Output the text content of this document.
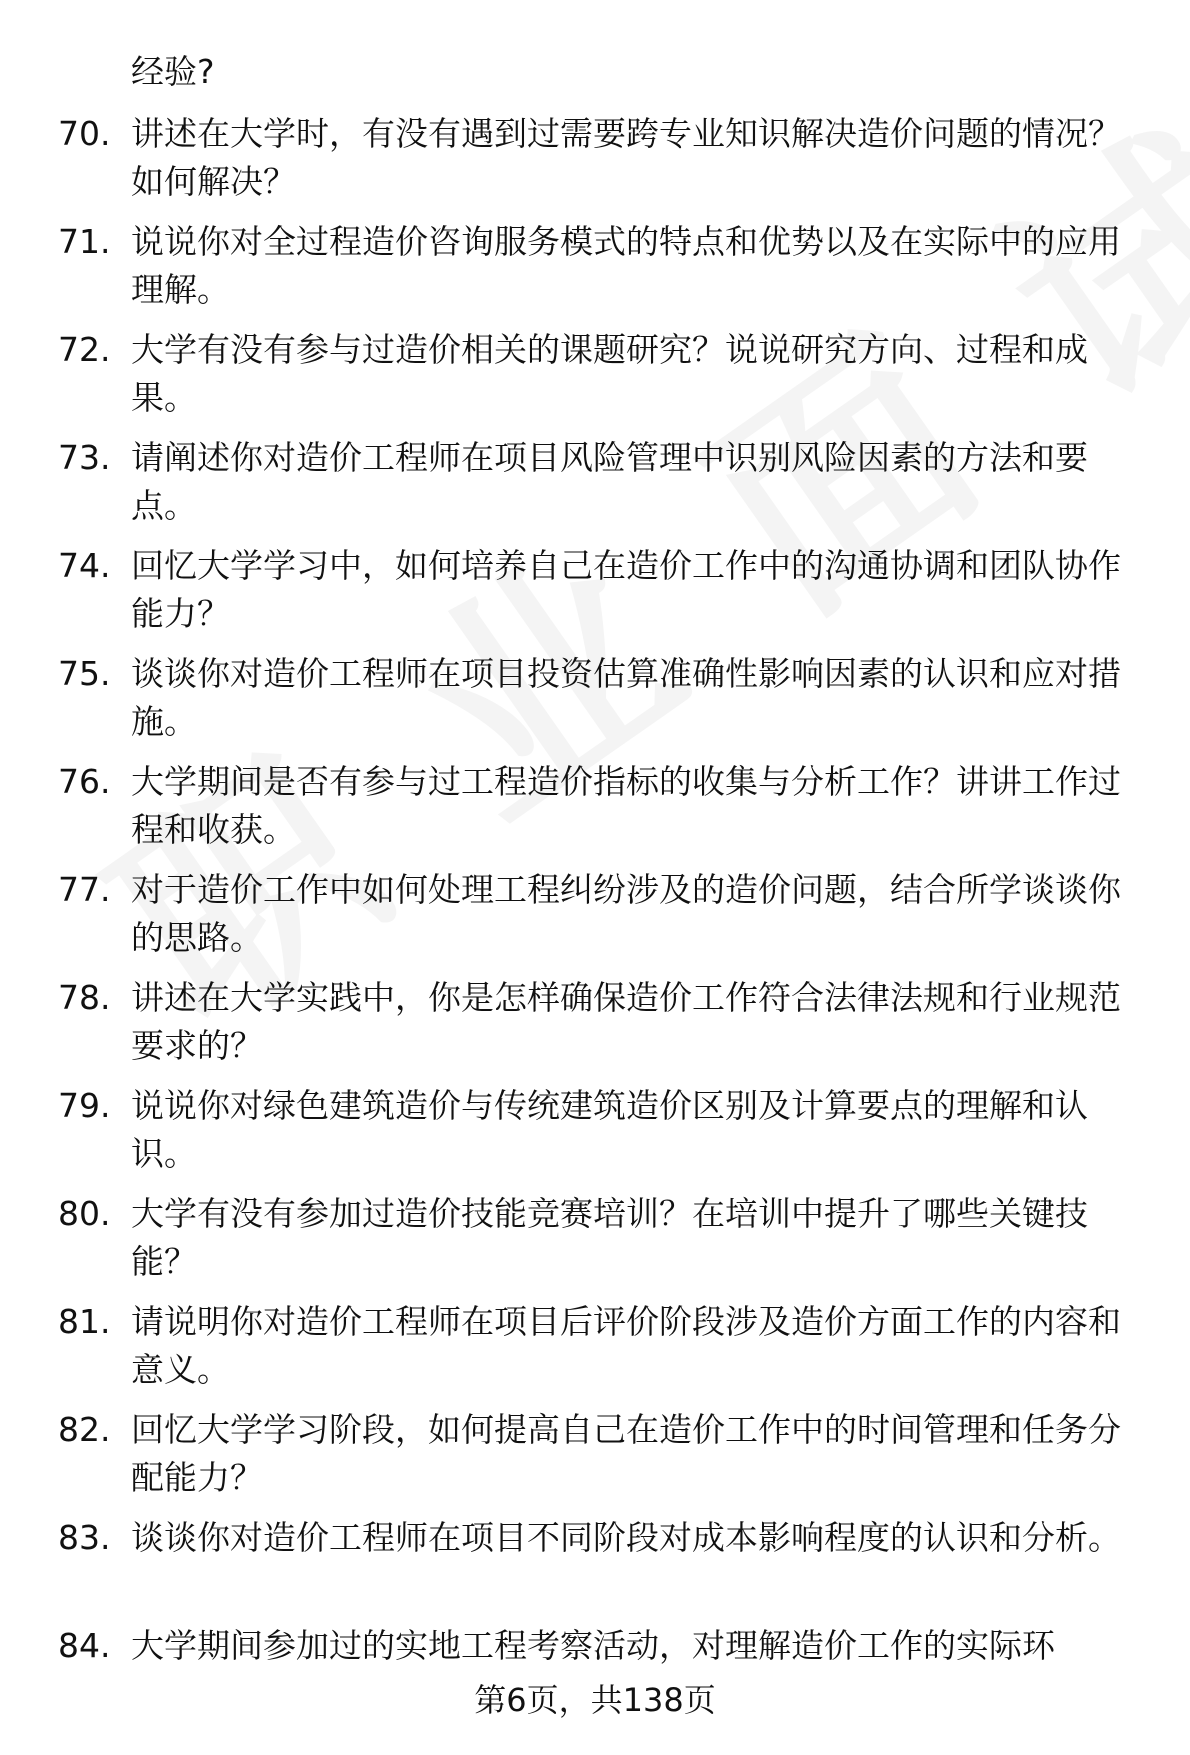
经验?
70. 讲述在大学时，有没有遇到过需要跨专业知识解决造价问题的情况？如何解决？
71. 说说你对全过程造价咨询服务模式的特点和优势以及在实际中的应用理解。
72. 大学有没有参与过造价相关的课题研究？说说研究方向、过程和成果。
73. 请阐述你对造价工程师在项目风险管理中识别风险因素的方法和要点。
74. 回忆大学学习中，如何培养自己在造价工作中的沟通协调和团队协作能力？
75. 谈谈你对造价工程师在项目投资估算准确性影响因素的认识和应对措施。
76. 大学期间是否有参与过工程造价指标的收集与分析工作？讲讲工作过程和收获。
77. 对于造价工作中如何处理工程纠纷涉及的造价问题，结合所学谈谈你的思路。
78. 讲述在大学实践中，你是怎样确保造价工作符合法律法规和行业规范要求的？
79. 说说你对绿色建筑造价与传统建筑造价区别及计算要点的理解和认识。
80. 大学有没有参加过造价技能竞赛培训？在培训中提升了哪些关键技能？
81. 请说明你对造价工程师在项目后评价阶段涉及造价方面工作的内容和意义。
82. 回忆大学学习阶段，如何提高自己在造价工作中的时间管理和任务分配能力？
83. 谈谈你对造价工程师在项目不同阶段对成本影响程度的认识和分析。
84. 大学期间参加过的实地工程考察活动，对理解造价工作的实际环
第6页，共138页
